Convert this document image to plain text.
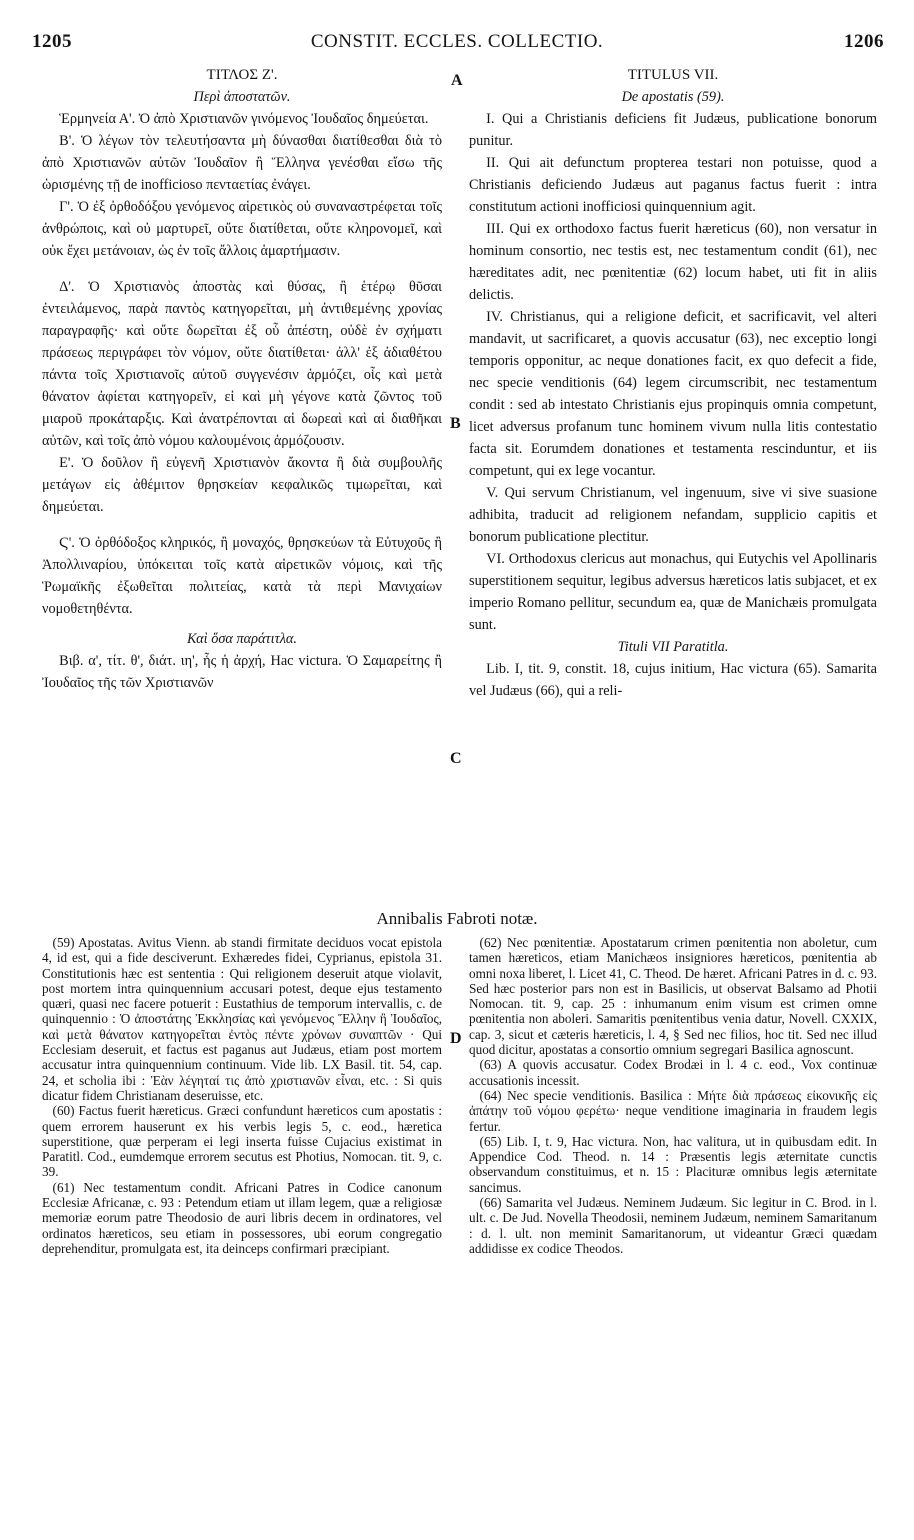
1205	CONSTIT. ECCLES. COLLECTIO.	1206
A
B
C
D

ΤΙΤΛΟΣ Ζ'.

Περὶ ἀποστατῶν.

Ἑρμηνεία Α'. Ὁ ἀπὸ Χριστιανῶν γινόμενος Ἰουδαῖος δημεύεται.

Β'. Ὁ λέγων τὸν τελευτήσαντα μὴ δύνασθαι διατίθεσθαι διὰ τὸ ἀπὸ Χριστιανῶν αὐτῶν Ἰουδαῖον ἢ Ἕλληνα γενέσθαι εἴσω τῆς ὡρισμένης τῇ de inofficioso πενταετίας ἐνάγει.

Γ'. Ὁ ἐξ ὀρθοδόξου γενόμενος αἱρετικὸς οὐ συναναστρέφεται τοῖς ἀνθρώποις, καὶ οὐ μαρτυρεῖ, οὔτε διατίθεται, οὔτε κληρονομεῖ, καὶ οὐκ ἔχει μετάνοιαν, ὡς ἐν τοῖς ἄλλοις ἁμαρτήμασιν.

Δ'. Ὁ Χριστιανὸς ἀποστὰς καὶ θύσας, ἢ ἑτέρῳ θῦσαι ἐντειλάμενος, παρὰ παντὸς κατηγορεῖται, μὴ ἀντιθεμένης χρονίας παραγραφῆς· καὶ οὔτε δωρεῖται ἐξ οὗ ἀπέστη, οὐδὲ ἐν σχήματι πράσεως περιγράφει τὸν νόμον, οὔτε διατίθεται· ἀλλ' ἐξ ἀδιαθέτου πάντα τοῖς Χριστιανοῖς αὐτοῦ συγγενέσιν ἁρμόζει, οἷς καὶ μετὰ θάνατον ἀφίεται κατηγορεῖν, εἰ καὶ μὴ γέγονε κατὰ ζῶντος τοῦ μιαροῦ προκάταρξις. Καὶ ἀνατρέπονται αἱ δωρεαὶ καὶ αἱ διαθῆκαι αὐτῶν, καὶ τοῖς ἀπὸ νόμου καλουμένοις ἁρμόζουσιν.

Ε'. Ὁ δοῦλον ἢ εὐγενῆ Χριστιανὸν ἄκοντα ἢ διὰ συμβουλῆς μετάγων εἰς ἀθέμιτον θρησκείαν κεφαλικῶς τιμωρεῖται, καὶ δημεύεται.

Ϛ'. Ὁ ὀρθόδοξος κληρικός, ἢ μοναχός, θρησκεύων τὰ Εὐτυχοῦς ἢ Ἀπολλιναρίου, ὑπόκειται τοῖς κατὰ αἱρετικῶν νόμοις, καὶ τῆς Ῥωμαϊκῆς ἐξωθεῖται πολιτείας, κατὰ τὰ περὶ Μανιχαίων νομοθετηθέντα.

Καὶ ὅσα παράτιτλα.

Βιβ. α', τίτ. θ', διάτ. ιη', ἧς ἡ ἀρχή, Hac victura. Ὁ Σαμαρείτης ἢ Ἰουδαῖος τῆς τῶν Χριστιανῶν

TITULUS VII.

De apostatis (59).

I. Qui a Christianis deficiens fit Judæus, publicatione bonorum punitur.

II. Qui ait defunctum propterea testari non potuisse, quod a Christianis deficiendo Judæus aut paganus factus fuerit : intra constitutum actioni inofficiosi quinquennium agit.

III. Qui ex orthodoxo factus fuerit hæreticus (60), non versatur in hominum consortio, nec testis est, nec testamentum condit (61), nec hæreditates adit, nec pœnitentiæ (62) locum habet, uti fit in aliis delictis.

IV. Christianus, qui a religione deficit, et sacrificavit, vel alteri mandavit, ut sacrificaret, a quovis accusatur (63), nec exceptio longi temporis opponitur, ac neque donationes facit, ex quo defecit a fide, nec specie venditionis (64) legem circumscribit, nec testamentum condit : sed ab intestato Christianis ejus propinquis omnia competunt, licet adversus profanum tunc hominem vivum nulla litis contestatio facta sit. Eorumdem donationes et testamenta rescinduntur, et iis competunt, qui ex lege vocantur.

V. Qui servum Christianum, vel ingenuum, sive vi sive suasione adhibita, traducit ad religionem nefandam, supplicio capitis et bonorum publicatione plectitur.

VI. Orthodoxus clericus aut monachus, qui Eutychis vel Apollinaris superstitionem sequitur, legibus adversus hæreticos latis subjacet, et ex imperio Romano pellitur, secundum ea, quæ de Manichæis promulgata sunt.

Tituli VII Paratitla.

Lib. I, tit. 9, constit. 18, cujus initium, Hac victura (65). Samarita vel Judæus (66), qui a reli-

Annibalis Fabroti notæ.

(59) Apostatas. Avitus Vienn. ab standi firmitate deciduos vocat epistola 4, id est, qui a fide desciverunt. Exhæredes fidei, Cyprianus, epistola 31. Constitutionis hæc est sententia : Qui religionem deseruit atque violavit, post mortem intra quinquennium accusari potest, deque ejus testamento quæri, quasi nec facere potuerit : Eustathius de temporum intervallis, c. de quinquennio : Ὁ ἀποστάτης Ἐκκλησίας καὶ γενόμενος Ἕλλην ἢ Ἰουδαῖος, καὶ μετὰ θάνατον κατηγορεῖται ἐντὸς πέντε χρόνων συναπτῶν · Qui Ecclesiam deseruit, et factus est paganus aut Judæus, etiam post mortem accusatur intra quinquennium continuum. Vide lib. LX Basil. tit. 54, cap. 24, et scholia ibi : Ἐὰν λέγηταί τις ἀπὸ χριστιανῶν εἶναι, etc. : Si quis dicatur fidem Christianam deseruisse, etc.

(60) Factus fuerit hæreticus. Græci confundunt hæreticos cum apostatis : quem errorem hauserunt ex his verbis legis 5, c. eod., hæretica superstitione, quæ perperam ei legi inserta fuisse Cujacius existimat in Paratitl. Cod., eumdemque errorem secutus est Photius, Nomocan. tit. 9, c. 39.

(61) Nec testamentum condit. Africani Patres in Codice canonum Ecclesiæ Africanæ, c. 93 : Petendum etiam ut illam legem, quæ a religiosæ memoriæ eorum patre Theodosio de auri libris decem in ordinatores, vel ordinatos hæreticos, seu etiam in possessores, ubi eorum congregatio deprehenditur, promulgata est, ita deinceps confirmari præcipiant.

(62) Nec pœnitentiæ. Apostatarum crimen pœnitentia non aboletur, cum tamen hæreticos, etiam Manichæos insigniores hæreticos, pœnitentia ab omni noxa liberet, l. Licet 41, C. Theod. De hæret. Africani Patres in d. c. 93. Sed hæc posterior pars non est in Basilicis, ut observat Balsamo ad Photii Nomocan. tit. 9, cap. 25 : inhumanum enim visum est crimen omne pœnitentia non aboleri. Samaritis pœnitentibus venia datur, Novell. CXXIX, cap. 3, sicut et cæteris hæreticis, l. 4, § Sed nec filios, hoc tit. Sed nec illud quod dicitur, apostatas a consortio omnium segregari Basilica agnoscunt.

(63) A quovis accusatur. Codex Brodæi in l. 4 c. eod., Vox continuæ accusationis incessit.

(64) Nec specie venditionis. Basilica : Μήτε διὰ πράσεως εἰκονικῆς εἰς ἀπάτην τοῦ νόμου φερέτω· neque venditione imaginaria in fraudem legis fertur.

(65) Lib. I, t. 9, Hac victura. Non, hac valitura, ut in quibusdam edit. In Appendice Cod. Theod. n. 14 : Præsentis legis æternitate cunctis observandum constituimus, et n. 15 : Placituræ omnibus legis æternitate sancimus.

(66) Samarita vel Judæus. Neminem Judæum. Sic legitur in C. Brod. in l. ult. c. De Jud. Novella Theodosii, neminem Judæum, neminem Samaritanum : d. l. ult. non meminit Samaritanorum, ut videantur Græci quædam addidisse ex codice Theodos.
